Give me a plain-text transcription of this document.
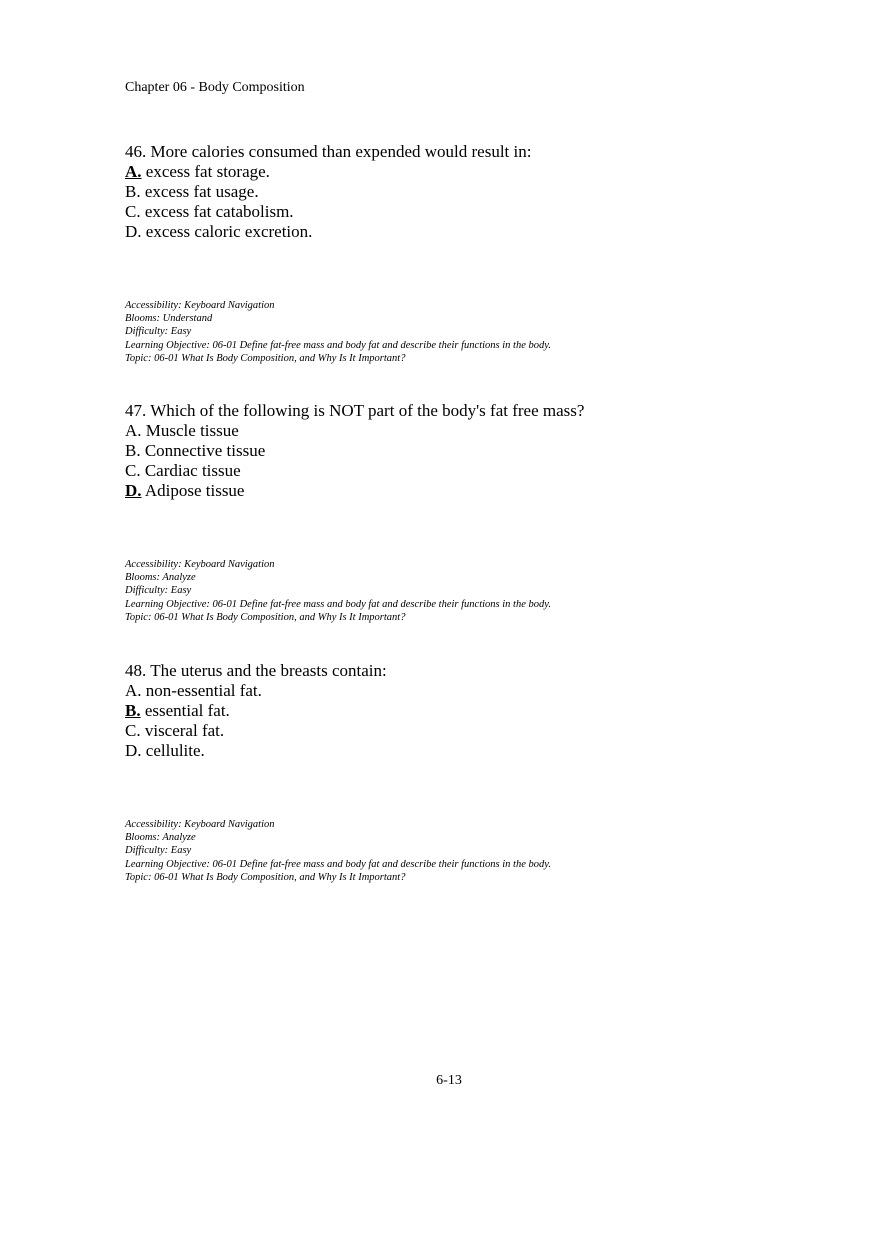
Chapter 06 - Body Composition
46. More calories consumed than expended would result in:
A. excess fat storage.
B. excess fat usage.
C. excess fat catabolism.
D. excess caloric excretion.
Accessibility: Keyboard Navigation
Blooms: Understand
Difficulty: Easy
Learning Objective: 06-01 Define fat-free mass and body fat and describe their functions in the body.
Topic: 06-01 What Is Body Composition, and Why Is It Important?
47. Which of the following is NOT part of the body's fat free mass?
A. Muscle tissue
B. Connective tissue
C. Cardiac tissue
D. Adipose tissue
Accessibility: Keyboard Navigation
Blooms: Analyze
Difficulty: Easy
Learning Objective: 06-01 Define fat-free mass and body fat and describe their functions in the body.
Topic: 06-01 What Is Body Composition, and Why Is It Important?
48. The uterus and the breasts contain:
A. non-essential fat.
B. essential fat.
C. visceral fat.
D. cellulite.
Accessibility: Keyboard Navigation
Blooms: Analyze
Difficulty: Easy
Learning Objective: 06-01 Define fat-free mass and body fat and describe their functions in the body.
Topic: 06-01 What Is Body Composition, and Why Is It Important?
6-13
